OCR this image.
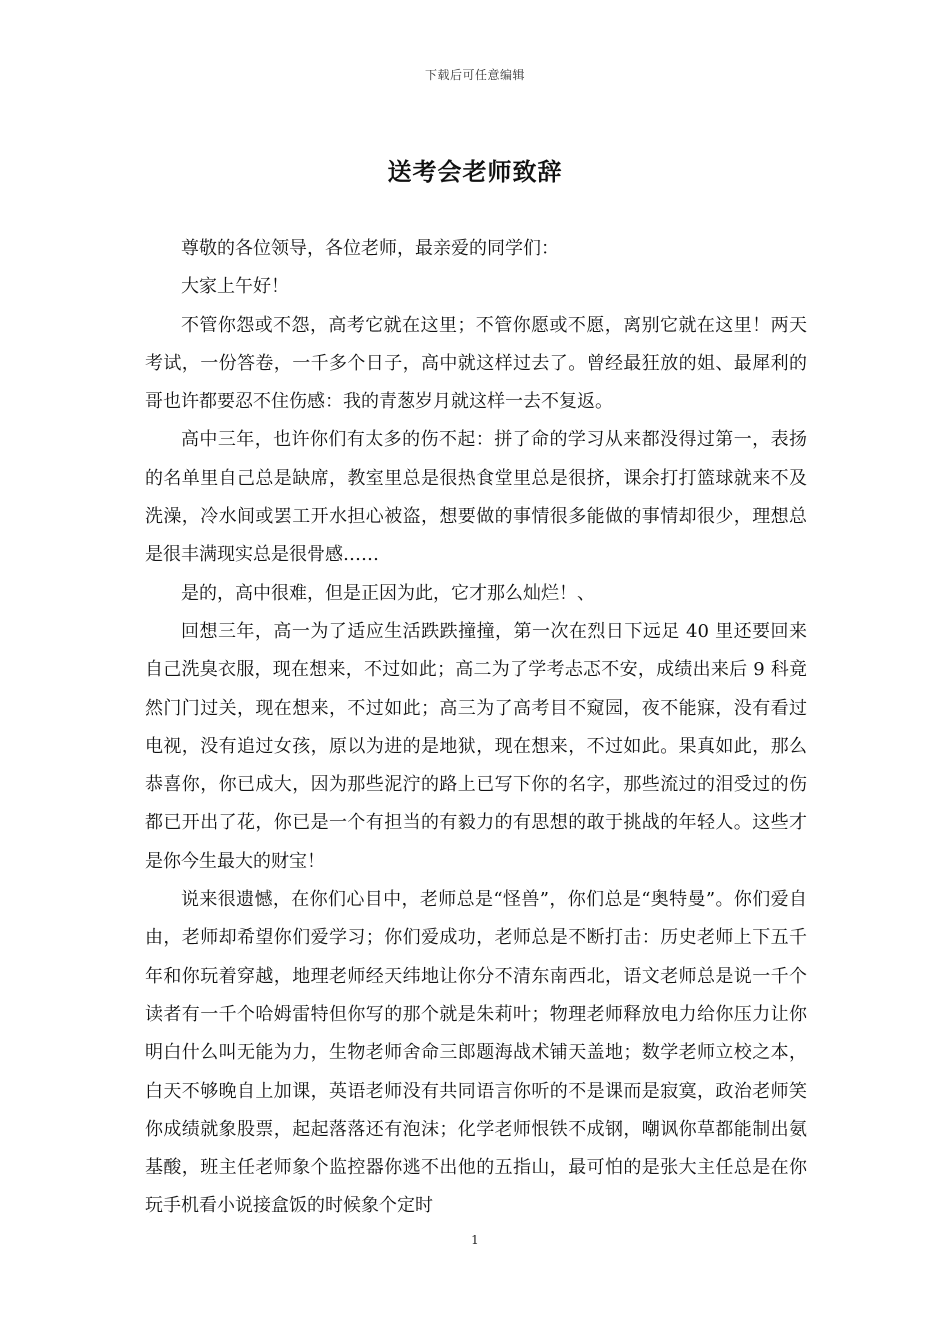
下载后可任意编辑
送考会老师致辞

尊敬的各位领导，各位老师，最亲爱的同学们：

大家上午好！

不管你怨或不怨，高考它就在这里；不管你愿或不愿，离别它就在这里！两天考试，一份答卷，一千多个日子，高中就这样过去了。曾经最狂放的姐、最犀利的哥也许都要忍不住伤感：我的青葱岁月就这样一去不复返。

高中三年，也许你们有太多的伤不起：拼了命的学习从来都没得过第一，表扬的名单里自己总是缺席，教室里总是很热食堂里总是很挤，课余打打篮球就来不及洗澡，冷水间或罢工开水担心被盗，想要做的事情很多能做的事情却很少，理想总是很丰满现实总是很骨感……

是的，高中很难，但是正因为此，它才那么灿烂！、

回想三年，高一为了适应生活跌跌撞撞，第一次在烈日下远足 40 里还要回来自己洗臭衣服，现在想来，不过如此；高二为了学考忐忑不安，成绩出来后 9 科竟然门门过关，现在想来，不过如此；高三为了高考目不窥园，夜不能寐，没有看过电视，没有追过女孩，原以为进的是地狱，现在想来，不过如此。果真如此，那么恭喜你，你已成大，因为那些泥泞的路上已写下你的名字，那些流过的泪受过的伤都已开出了花，你已是一个有担当的有毅力的有思想的敢于挑战的年轻人。这些才是你今生最大的财宝！

说来很遗憾，在你们心目中，老师总是“怪兽”，你们总是“奥特曼”。你们爱自由，老师却希望你们爱学习；你们爱成功，老师总是不断打击：历史老师上下五千年和你玩着穿越，地理老师经天纬地让你分不清东南西北，语文老师总是说一千个读者有一千个哈姆雷特但你写的那个就是朱莉叶；物理老师释放电力给你压力让你明白什么叫无能为力，生物老师舍命三郎题海战术铺天盖地；数学老师立校之本，白天不够晚自上加课，英语老师没有共同语言你听的不是课而是寂寞，政治老师笑你成绩就象股票，起起落落还有泡沫；化学老师恨铁不成钢，嘲讽你草都能制出氨基酸，班主任老师象个监控器你逃不出他的五指山，最可怕的是张大主任总是在你玩手机看小说接盒饭的时候象个定时

1
